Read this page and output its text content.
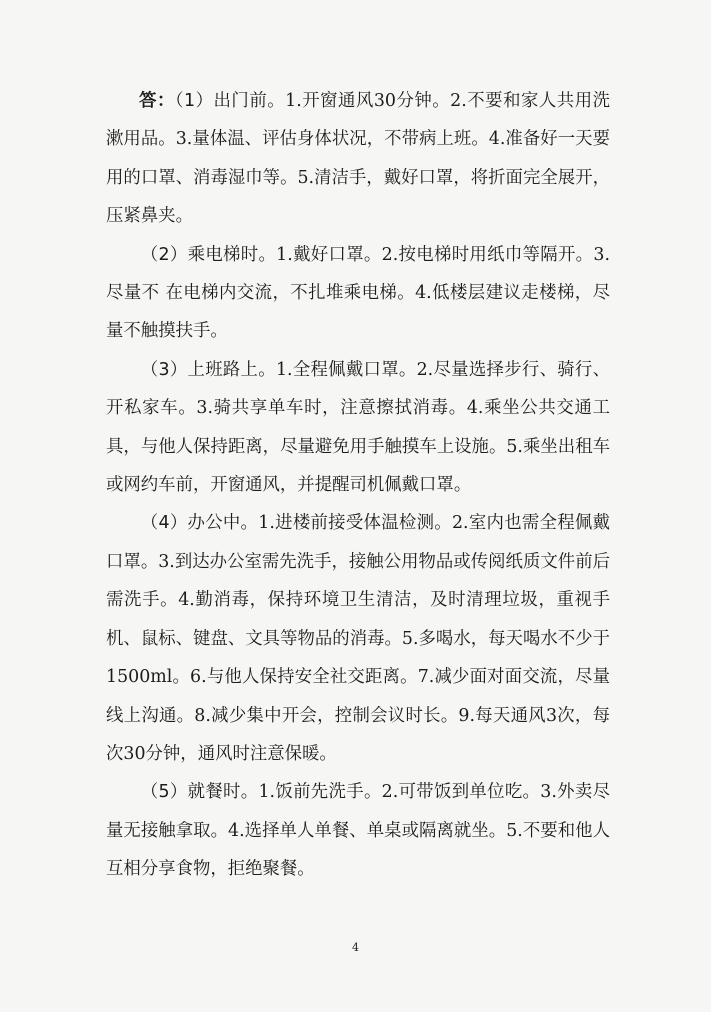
答：（1）出门前。1.开窗通风30分钟。2.不要和家人共用洗漱用品。3.量体温、评估身体状况，不带病上班。4.准备好一天要用的口罩、消毒湿巾等。5.清洁手，戴好口罩，将折面完全展开，压紧鼻夹。

（2）乘电梯时。1.戴好口罩。2.按电梯时用纸巾等隔开。3.尽量不 在电梯内交流，不扎堆乘电梯。4.低楼层建议走楼梯，尽量不触摸扶手。

（3）上班路上。1.全程佩戴口罩。2.尽量选择步行、骑行、开私家车。3.骑共享单车时，注意擦拭消毒。4.乘坐公共交通工具，与他人保持距离，尽量避免用手触摸车上设施。5.乘坐出租车或网约车前，开窗通风，并提醒司机佩戴口罩。

（4）办公中。1.进楼前接受体温检测。2.室内也需全程佩戴口罩。3.到达办公室需先洗手，接触公用物品或传阅纸质文件前后需洗手。4.勤消毒，保持环境卫生清洁，及时清理垃圾，重视手机、鼠标、键盘、文具等物品的消毒。5.多喝水，每天喝水不少于 1500ml。6.与他人保持安全社交距离。7.减少面对面交流，尽量线上沟通。8.减少集中开会，控制会议时长。9.每天通风3次，每次30分钟，通风时注意保暖。

（5）就餐时。1.饭前先洗手。2.可带饭到单位吃。3.外卖尽量无接触拿取。4.选择单人单餐、单桌或隔离就坐。5.不要和他人互相分享食物，拒绝聚餐。

4
